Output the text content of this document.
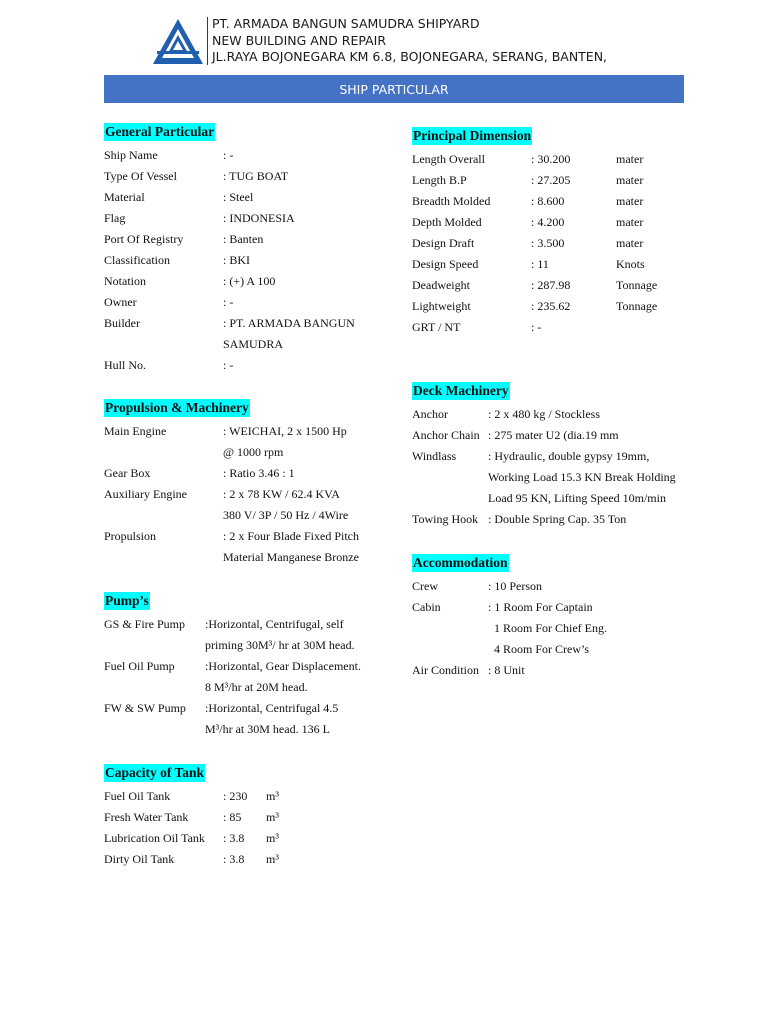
PT. ARMADA BANGUN SAMUDRA SHIPYARD
NEW BUILDING AND REPAIR
JL.RAYA BOJONEGARA KM 6.8, BOJONEGARA, SERANG, BANTEN,
SHIP PARTICULAR
General Particular
Ship Name	: -
Type Of Vessel	: TUG BOAT
Material	: Steel
Flag	: INDONESIA
Port Of Registry	: Banten
Classification	: BKI
Notation	: (+) A 100
Owner	: -
Builder	: PT. ARMADA BANGUN
SAMUDRA
Hull No.	: -
Propulsion & Machinery
Main Engine	: WEICHAI, 2 x 1500 Hp
@ 1000 rpm
Gear Box	: Ratio 3.46 : 1
Auxiliary Engine	: 2 x 78 KW / 62.4 KVA
380 V/ 3P / 50 Hz / 4Wire
Propulsion	: 2 x Four Blade Fixed Pitch
Material Manganese Bronze
Pump’s
GS & Fire Pump :Horizontal, Centrifugal, self
priming 30M³/ hr at 30M head.
Fuel Oil Pump	:Horizontal, Gear Displacement.
8 M³/hr at 20M head.
FW & SW Pump :Horizontal, Centrifugal 4.5
M³/hr at 30M head. 136 L
Capacity of Tank
Fuel Oil Tank	: 230 m³
Fresh Water Tank	: 85 m³
Lubrication Oil Tank : 3.8 m³
Dirty Oil Tank	: 3.8 m³
Principal Dimension
Length Overall	: 30.200	mater
Length B.P	: 27.205	mater
Breadth Molded	: 8.600	mater
Depth Molded	: 4.200	mater
Design Draft	: 3.500	mater
Design Speed	: 11	Knots
Deadweight	: 287.98	Tonnage
Lightweight	: 235.62	Tonnage
GRT / NT	: -
Deck Machinery
Anchor	: 2 x 480 kg / Stockless
Anchor Chain : 275 mater U2 (dia.19 mm
Windlass	: Hydraulic, double gypsy 19mm,
Working Load 15.3 KN Break Holding
Load 95 KN, Lifting Speed 10m/min
Towing Hook : Double Spring Cap. 35 Ton
Accommodation
Crew	: 10 Person
Cabin	: 1 Room For Captain
1 Room For Chief Eng.
4 Room For Crew’s
Air Condition : 8 Unit
